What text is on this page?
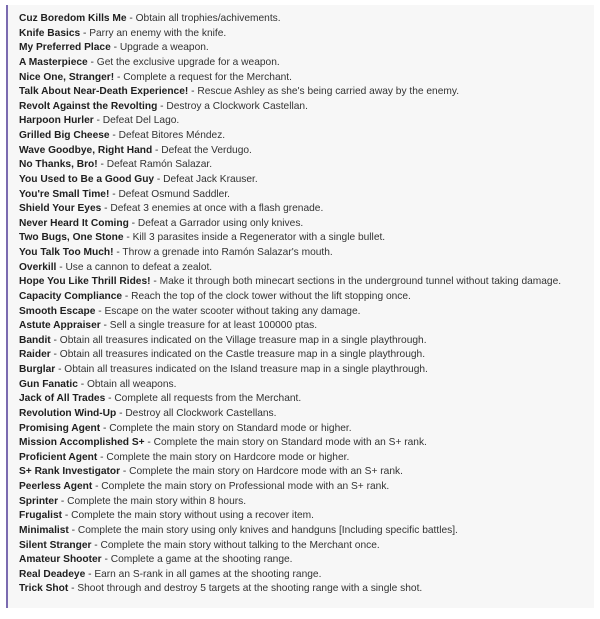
Cuz Boredom Kills Me - Obtain all trophies/achivements.
Knife Basics - Parry an enemy with the knife.
My Preferred Place - Upgrade a weapon.
A Masterpiece - Get the exclusive upgrade for a weapon.
Nice One, Stranger! - Complete a request for the Merchant.
Talk About Near-Death Experience! - Rescue Ashley as she's being carried away by the enemy.
Revolt Against the Revolting - Destroy a Clockwork Castellan.
Harpoon Hurler - Defeat Del Lago.
Grilled Big Cheese - Defeat Bitores Méndez.
Wave Goodbye, Right Hand - Defeat the Verdugo.
No Thanks, Bro! - Defeat Ramón Salazar.
You Used to Be a Good Guy - Defeat Jack Krauser.
You're Small Time! - Defeat Osmund Saddler.
Shield Your Eyes - Defeat 3 enemies at once with a flash grenade.
Never Heard It Coming - Defeat a Garrador using only knives.
Two Bugs, One Stone - Kill 3 parasites inside a Regenerator with a single bullet.
You Talk Too Much! - Throw a grenade into Ramón Salazar's mouth.
Overkill - Use a cannon to defeat a zealot.
Hope You Like Thrill Rides! - Make it through both minecart sections in the underground tunnel without taking damage.
Capacity Compliance - Reach the top of the clock tower without the lift stopping once.
Smooth Escape - Escape on the water scooter without taking any damage.
Astute Appraiser - Sell a single treasure for at least 100000 ptas.
Bandit - Obtain all treasures indicated on the Village treasure map in a single playthrough.
Raider - Obtain all treasures indicated on the Castle treasure map in a single playthrough.
Burglar - Obtain all treasures indicated on the Island treasure map in a single playthrough.
Gun Fanatic - Obtain all weapons.
Jack of All Trades - Complete all requests from the Merchant.
Revolution Wind-Up - Destroy all Clockwork Castellans.
Promising Agent - Complete the main story on Standard mode or higher.
Mission Accomplished S+ - Complete the main story on Standard mode with an S+ rank.
Proficient Agent - Complete the main story on Hardcore mode or higher.
S+ Rank Investigator - Complete the main story on Hardcore mode with an S+ rank.
Peerless Agent - Complete the main story on Professional mode with an S+ rank.
Sprinter - Complete the main story within 8 hours.
Frugalist - Complete the main story without using a recover item.
Minimalist - Complete the main story using only knives and handguns [Including specific battles].
Silent Stranger - Complete the main story without talking to the Merchant once.
Amateur Shooter - Complete a game at the shooting range.
Real Deadeye - Earn an S-rank in all games at the shooting range.
Trick Shot - Shoot through and destroy 5 targets at the shooting range with a single shot.
